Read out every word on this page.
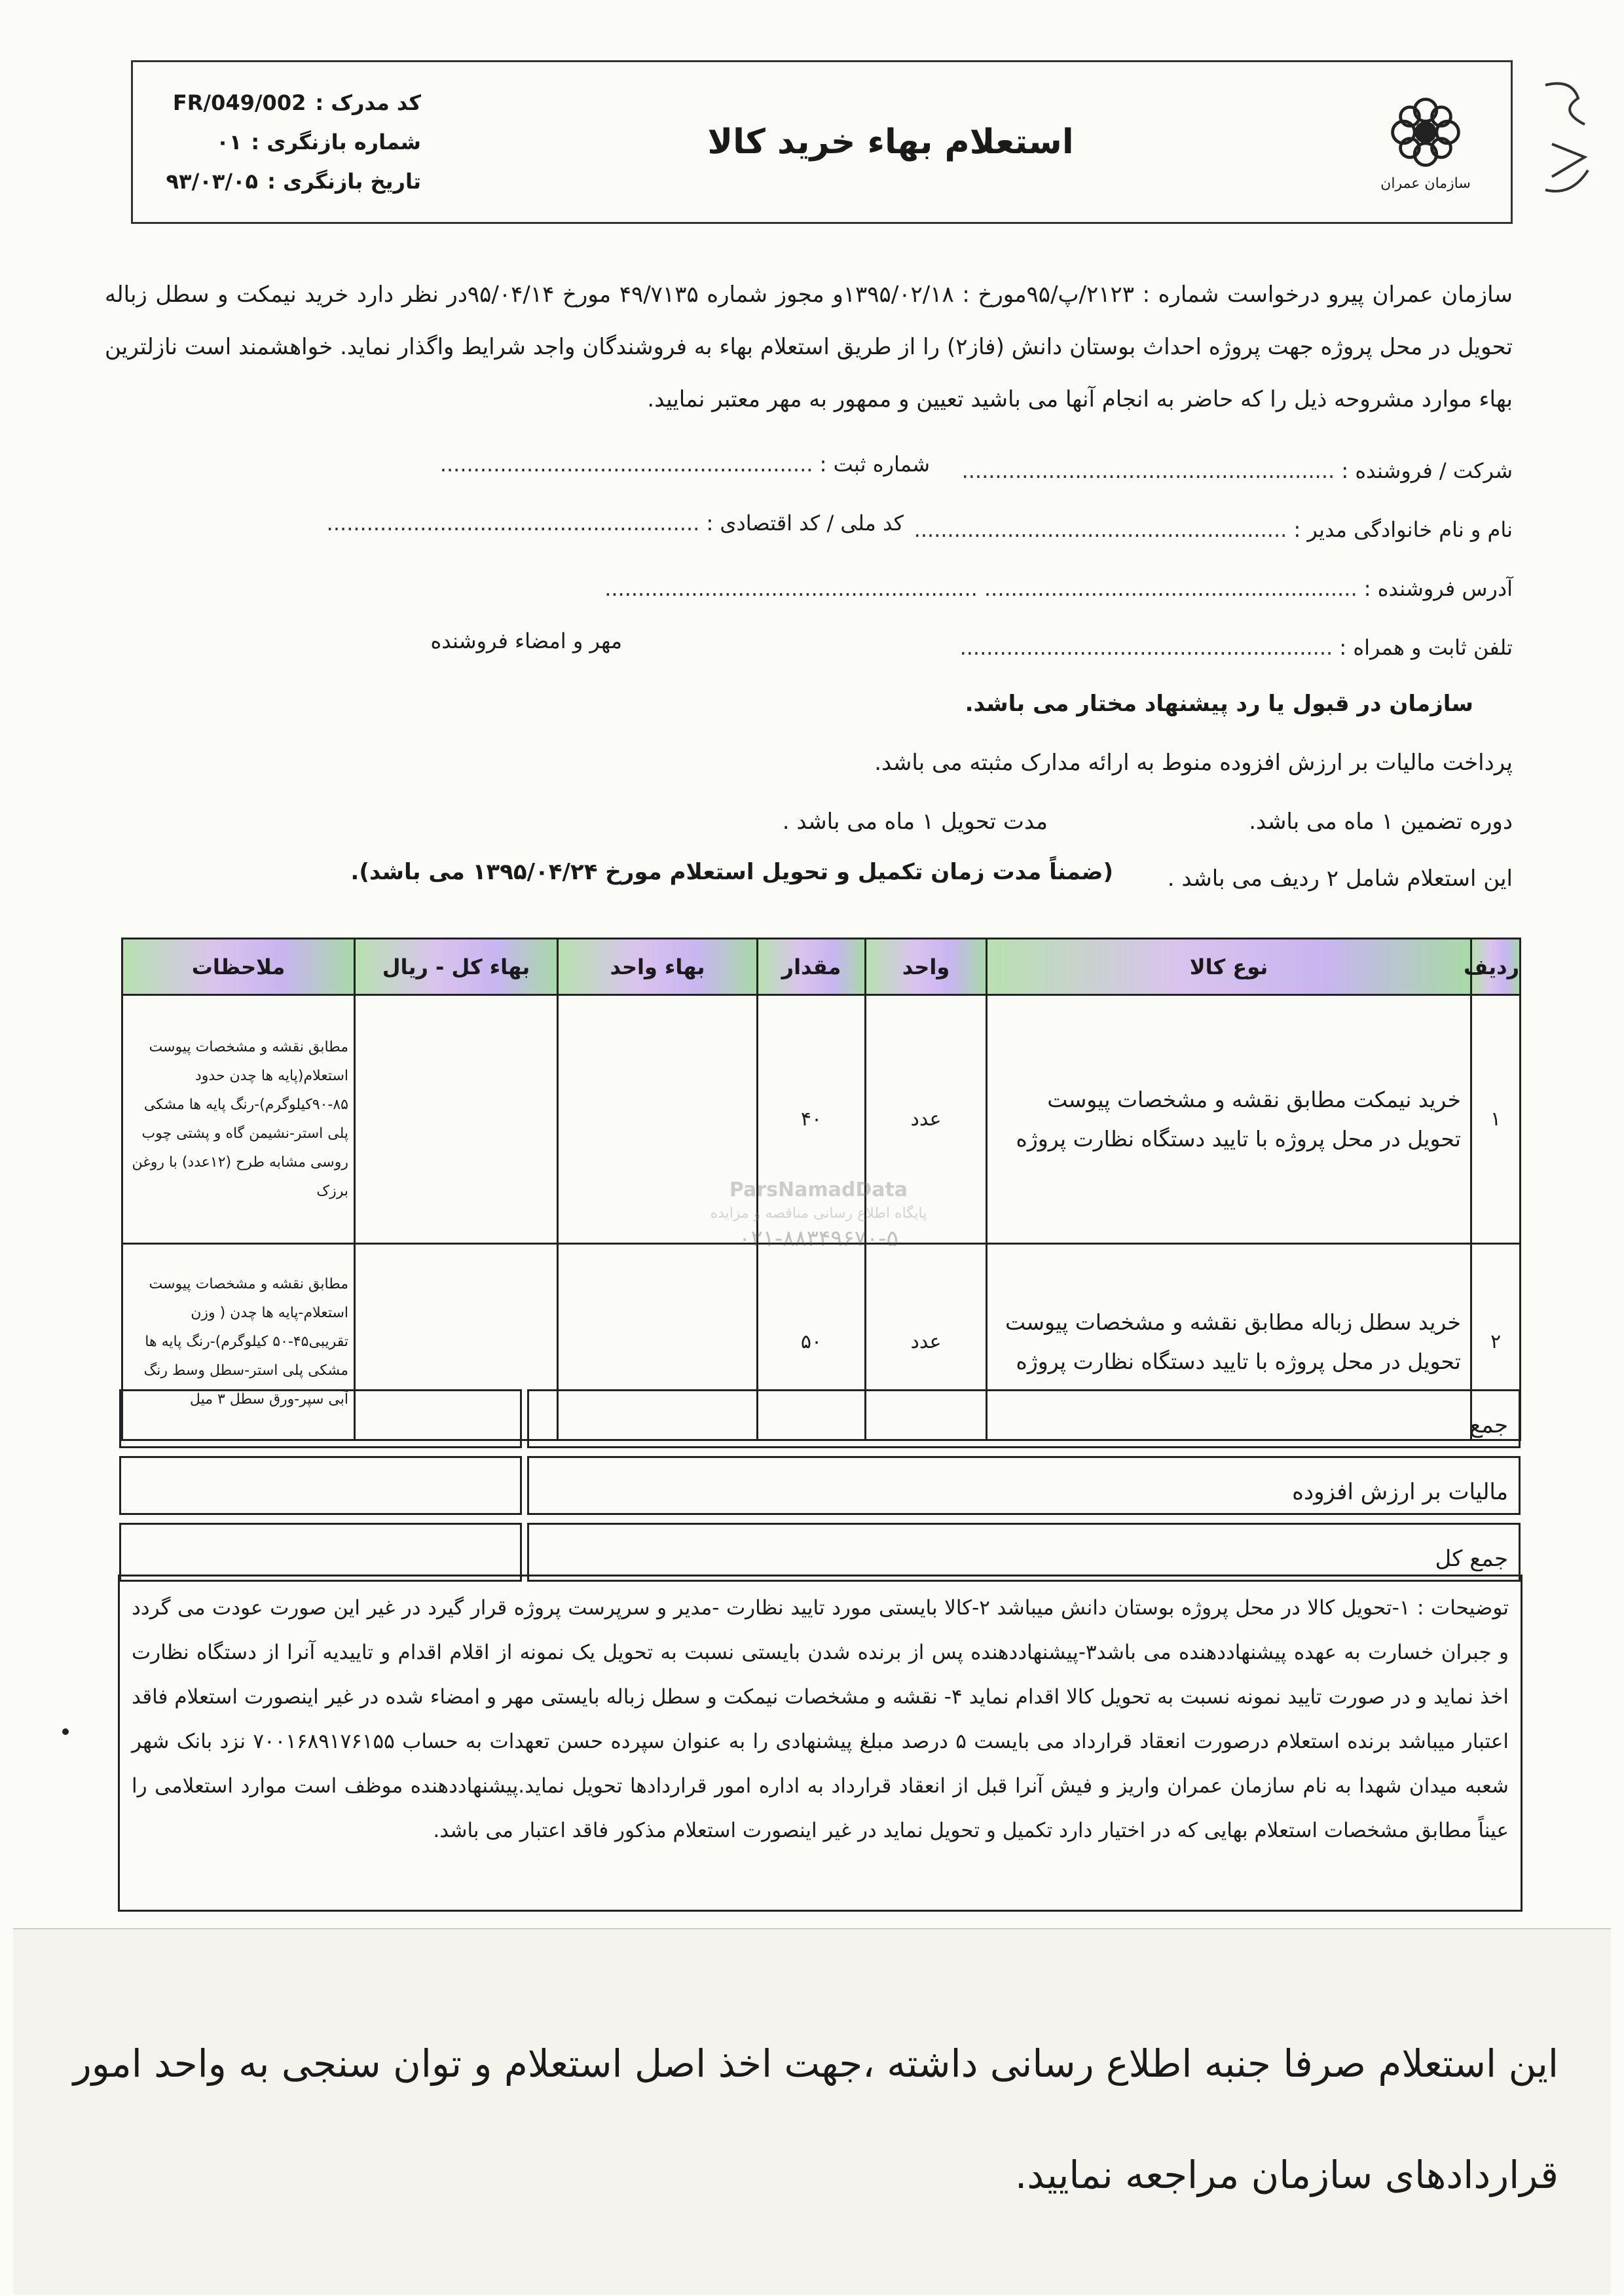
سازمان عمران
استعلام بهاء خرید کالا
کد مدرک :
FR/049/002
شماره بازنگری :
۰۱
تاریخ بازنگری :
۹۳/۰۳/۰۵
سازمان عمران پیرو درخواست شماره : ۲۱۲۳/پ/۹۵مورخ : ۱۳۹۵/۰۲/۱۸و مجوز شماره ۴۹/۷۱۳۵ مورخ ۹۵/۰۴/۱۴در نظر دارد خرید نیمکت و سطل زباله تحویل در محل پروژه جهت پروژه احداث بوستان دانش (فاز۲) را از طریق استعلام بهاء به فروشندگان واجد شرایط واگذار نماید. خواهشمند است نازلترین بهاء موارد مشروحه ذیل را که حاضر به انجام آنها می باشید تعیین و ممهور به مهر معتبر نمایید.
شرکت / فروشنده : ........................................................
شماره ثبت : ........................................................
نام و نام خانوادگی مدیر : ........................................................
کد ملی / کد اقتصادی : ........................................................
آدرس فروشنده : ........................................................ ........................................................
تلفن ثابت و همراه : ........................................................
مهر و امضاء فروشنده
سازمان در قبول یا رد پیشنهاد مختار می باشد.
پرداخت مالیات بر ارزش افزوده منوط به ارائه مدارک مثبته می باشد.
دوره تضمین ۱ ماه می باشد.
مدت تحویل ۱ ماه می باشد .
این استعلام شامل ۲ ردیف می باشد .
(ضمناً مدت زمان تکمیل و تحویل استعلام مورخ ۱۳۹۵/۰۴/۲۴ می باشد).
ردیف	نوع کالا	واحد	مقدار	بهاء واحد	بهاء کل - ریال	ملاحظات
۱	خرید نیمکت مطابق نقشه و مشخصات پیوست تحویل در محل پروژه با تایید دستگاه نظارت پروژه	عدد	۴۰			مطابق نقشه و مشخصات پیوست استعلام(پایه ها چدن حدود ۸۵-۹۰کیلوگرم)-رنگ پایه ها مشکی پلی استر-نشیمن گاه و پشتی چوب روسی مشابه طرح (۱۲عدد) با روغن برزک
۲	خرید سطل زباله مطابق نقشه و مشخصات پیوست تحویل در محل پروژه با تایید دستگاه نظارت پروژه	عدد	۵۰			مطابق نقشه و مشخصات پیوست استعلام-پایه ها چدن ( وزن تقریبی۴۵-۵۰ کیلوگرم)-رنگ پایه ها مشکی پلی استر-سطل وسط رنگ آبی سپر-ورق سطل ۳ میل
ParsNamadData
پایگاه اطلاع رسانی مناقصه و مزایده
۰۲۱-۸۸۳۴۹۶۷۰-۵
جمع
مالیات بر ارزش افزوده
جمع کل
توضیحات : ۱-تحویل کالا در محل پروژه بوستان دانش میباشد ۲-کالا بایستی مورد تایید نظارت -مدیر و سرپرست پروژه قرار گیرد در غیر این صورت عودت می گردد و جبران خسارت به عهده پیشنهاددهنده می باشد۳-پیشنهاددهنده پس از برنده شدن بایستی نسبت به تحویل یک نمونه از اقلام اقدام و تاییدیه آنرا از دستگاه نظارت اخذ نماید و در صورت تایید نمونه نسبت به تحویل کالا اقدام نماید ۴- نقشه و مشخصات نیمکت و سطل زباله بایستی مهر و امضاء شده در غیر اینصورت استعلام فاقد اعتبار میباشد برنده استعلام درصورت انعقاد قرارداد می بایست ۵ درصد مبلغ پیشنهادی را به عنوان سپرده حسن تعهدات به حساب ۷۰۰۱۶۸۹۱۷۶۱۵۵ نزد بانک شهر شعبه میدان شهدا به نام سازمان عمران واریز و فیش آنرا قبل از انعقاد قرارداد به اداره امور قراردادها تحویل نماید.پیشنهاددهنده موظف است موارد استعلامی را عیناً مطابق مشخصات استعلام بهایی که در اختیار دارد تکمیل و تحویل نماید در غیر اینصورت استعلام مذکور فاقد اعتبار می باشد.
این استعلام صرفا جنبه اطلاع رسانی داشته ،جهت اخذ اصل استعلام و توان سنجی به واحد امور قراردادهای سازمان مراجعه نمایید.
